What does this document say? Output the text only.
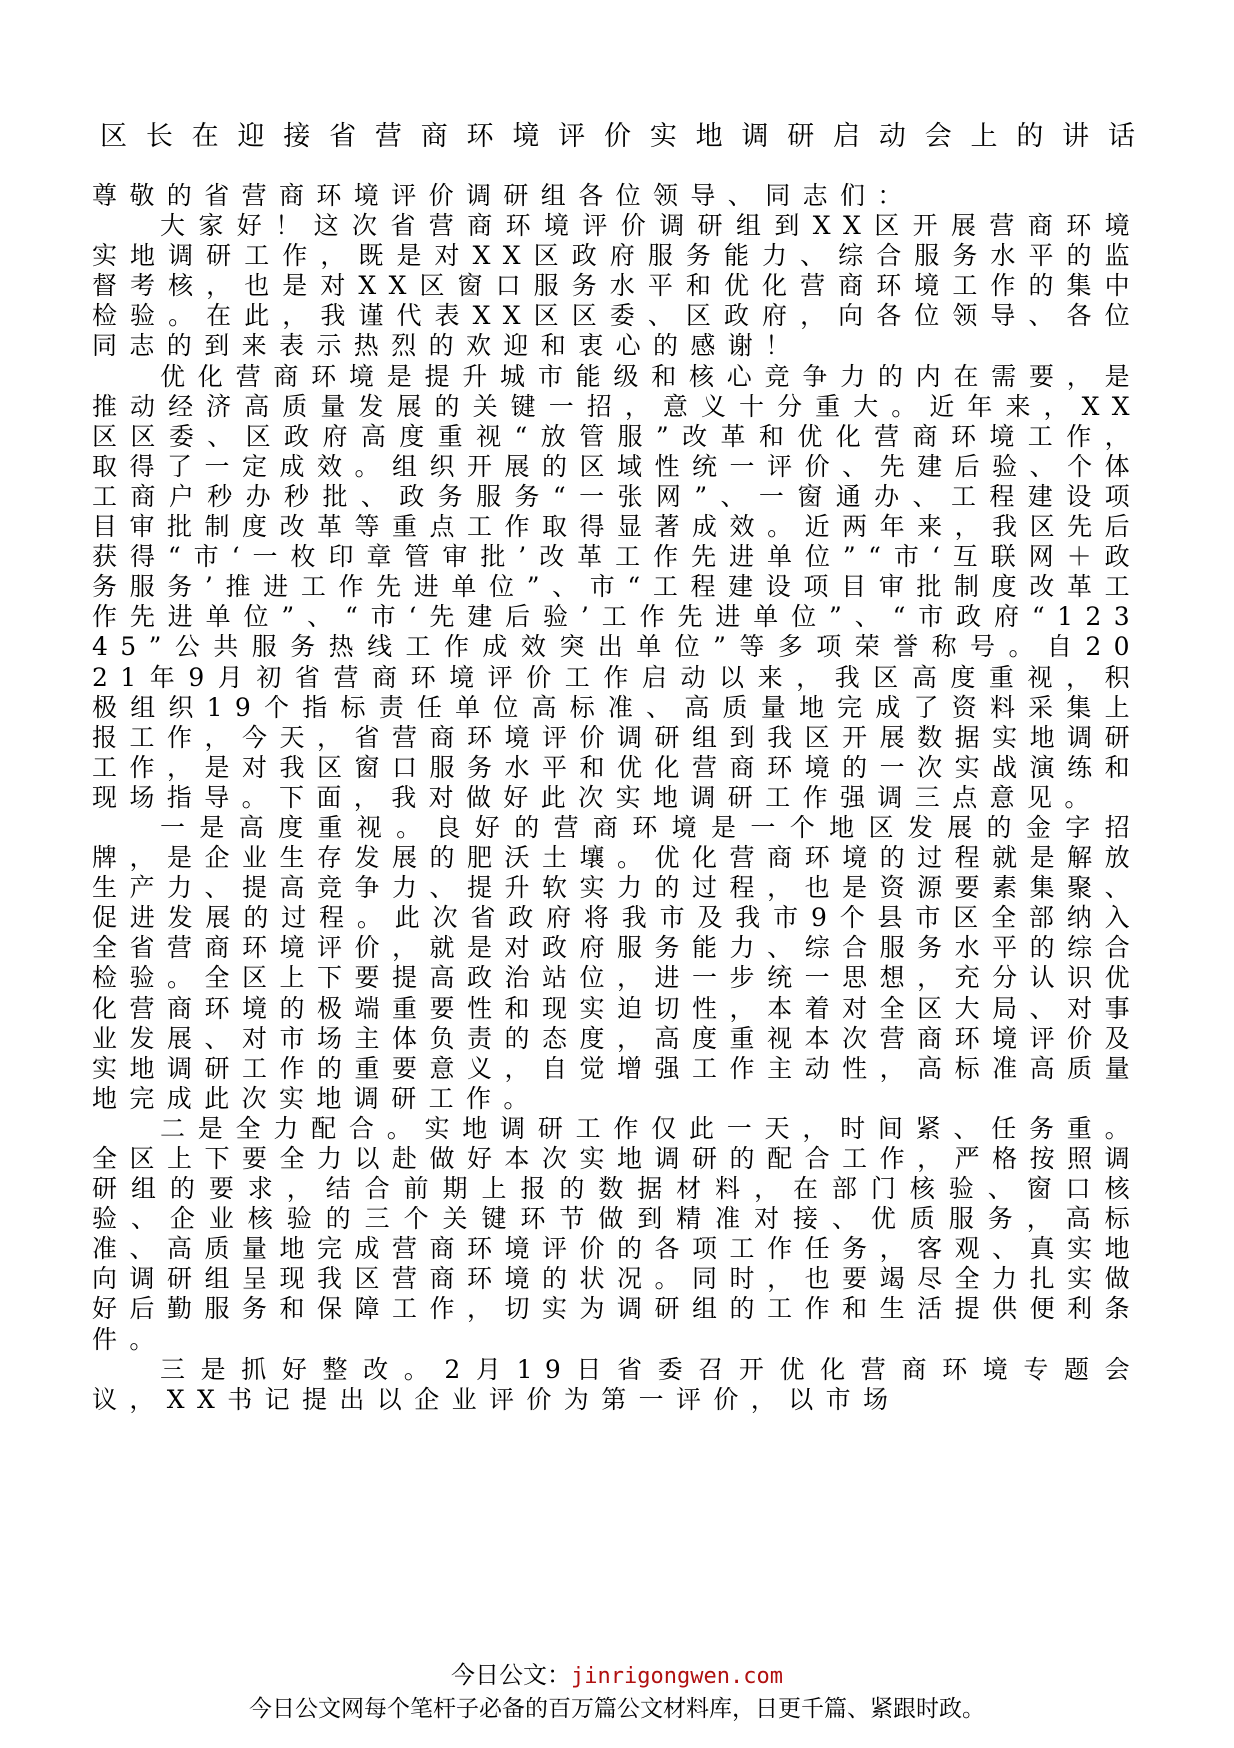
区长在迎接省营商环境评价实地调研启动会上的讲话

尊敬的省营商环境评价调研组各位领导、同志们：

大家好！这次省营商环境评价调研组到XX区开展营商环境实地调研工作，既是对XX区政府服务能力、综合服务水平的监督考核，也是对XX区窗口服务水平和优化营商环境工作的集中检验。在此，我谨代表XX区区委、区政府，向各位领导、各位同志的到来表示热烈的欢迎和衷心的感谢！

优化营商环境是提升城市能级和核心竞争力的内在需要，是推动经济高质量发展的关键一招，意义十分重大。近年来，XX区区委、区政府高度重视“放管服”改革和优化营商环境工作，取得了一定成效。组织开展的区域性统一评价、先建后验、个体工商户秒办秒批、政务服务“一张网”、一窗通办、工程建设项目审批制度改革等重点工作取得显著成效。近两年来，我区先后获得“市‘一枚印章管审批’改革工作先进单位”“市‘互联网＋政务服务’推进工作先进单位”、市“工程建设项目审批制度改革工作先进单位”、“市‘先建后验’工作先进单位”、“市政府“12345”公共服务热线工作成效突出单位”等多项荣誉称号。自2021年9月初省营商环境评价工作启动以来，我区高度重视，积极组织19个指标责任单位高标准、高质量地完成了资料采集上报工作，今天，省营商环境评价调研组到我区开展数据实地调研工作，是对我区窗口服务水平和优化营商环境的一次实战演练和现场指导。下面，我对做好此次实地调研工作强调三点意见。

一是高度重视。良好的营商环境是一个地区发展的金字招牌，是企业生存发展的肥沃土壤。优化营商环境的过程就是解放生产力、提高竞争力、提升软实力的过程，也是资源要素集聚、促进发展的过程。此次省政府将我市及我市9个县市区全部纳入全省营商环境评价，就是对政府服务能力、综合服务水平的综合检验。全区上下要提高政治站位，进一步统一思想，充分认识优化营商环境的极端重要性和现实迫切性，本着对全区大局、对事业发展、对市场主体负责的态度，高度重视本次营商环境评价及实地调研工作的重要意义，自觉增强工作主动性，高标准高质量地完成此次实地调研工作。

二是全力配合。实地调研工作仅此一天，时间紧、任务重。全区上下要全力以赴做好本次实地调研的配合工作，严格按照调研组的要求，结合前期上报的数据材料，在部门核验、窗口核验、企业核验的三个关键环节做到精准对接、优质服务，高标准、高质量地完成营商环境评价的各项工作任务，客观、真实地向调研组呈现我区营商环境的状况。同时，也要竭尽全力扎实做好后勤服务和保障工作，切实为调研组的工作和生活提供便利条件。

三是抓好整改。2月19日省委召开优化营商环境专题会议，XX书记提出以企业评价为第一评价，以市场

今日公文：jinrigongwen.com
今日公文网每个笔杆子必备的百万篇公文材料库，日更千篇、紧跟时政。
